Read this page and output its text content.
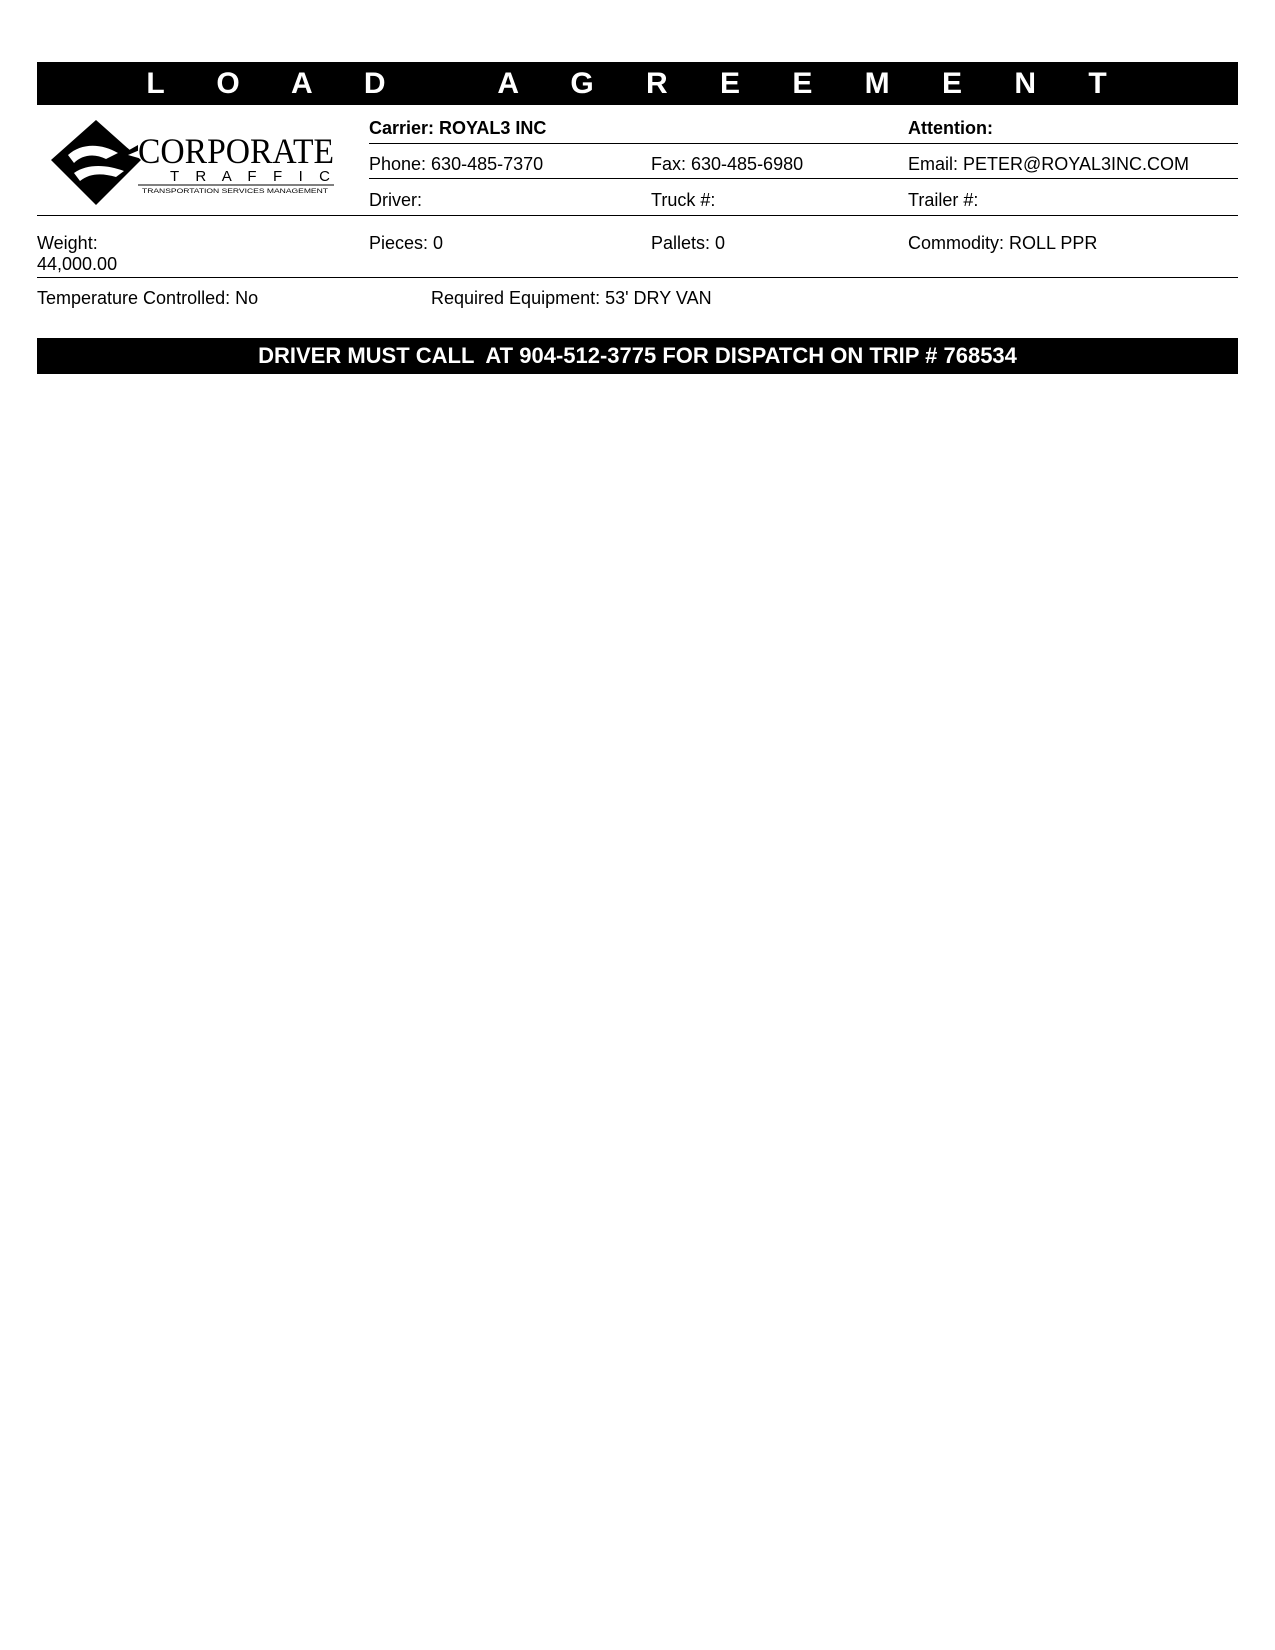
L O A D   A G R E E M E N T
CORPORATE
T R A F F I C
TRANSPORTATION SERVICES MANAGEMENT
Carrier: ROYAL3 INC	Attention:
Phone: 630-485-7370	Fax: 630-485-6980	Email: PETER@ROYAL3INC.COM
Driver:	Truck #:	Trailer #:
Weight:
44,000.00
Pieces: 0	Pallets: 0	Commodity: ROLL PPR
Temperature Controlled: No	Required Equipment: 53' DRY VAN
DRIVER MUST CALL  AT 904-512-3775 FOR DISPATCH ON TRIP # 768534
